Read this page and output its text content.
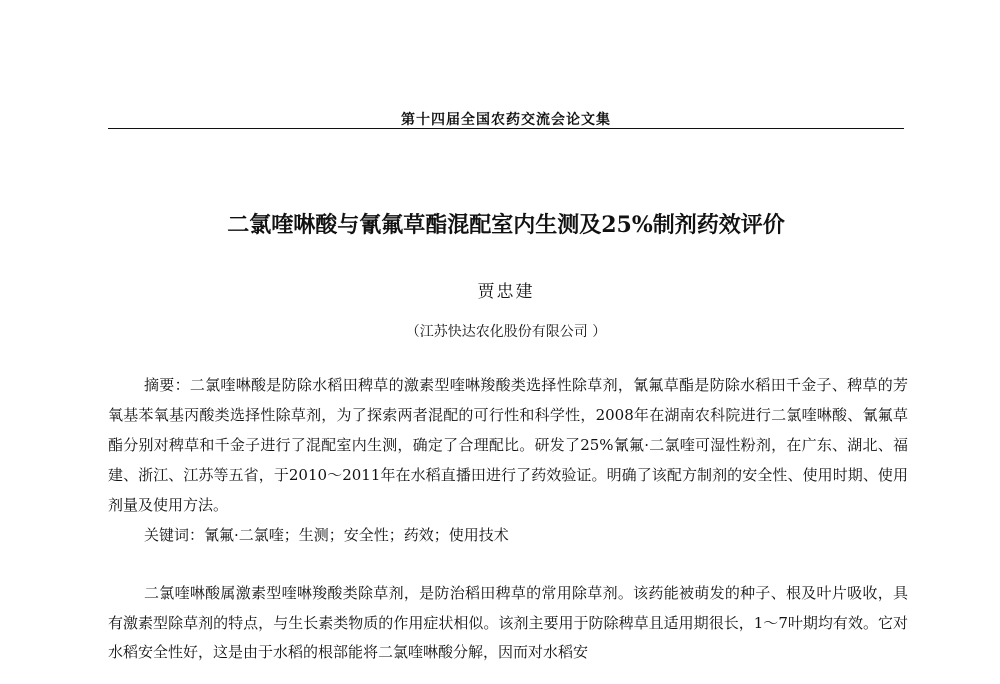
第十四届全国农药交流会论文集
二氯喹啉酸与氰氟草酯混配室内生测及25%制剂药效评价
贾忠建
（江苏快达农化股份有限公司 ）

摘要：二氯喹啉酸是防除水稻田稗草的激素型喹啉羧酸类选择性除草剂，氰氟草酯是防除水稻田千金子、稗草的芳氧基苯氧基丙酸类选择性除草剂，为了探索两者混配的可行性和科学性，2008年在湖南农科院进行二氯喹啉酸、氰氟草酯分别对稗草和千金子进行了混配室内生测，确定了合理配比。研发了25%氰氟·二氯喹可湿性粉剂，在广东、湖北、福建、浙江、江苏等五省，于2010～2011年在水稻直播田进行了药效验证。明确了该配方制剂的安全性、使用时期、使用剂量及使用方法。

关键词：氰氟·二氯喹；生测；安全性；药效；使用技术

二氯喹啉酸属激素型喹啉羧酸类除草剂，是防治稻田稗草的常用除草剂。该药能被萌发的种子、根及叶片吸收，具有激素型除草剂的特点，与生长素类物质的作用症状相似。该剂主要用于防除稗草且适用期很长，1～7叶期均有效。它对水稻安全性好，这是由于水稻的根部能将二氯喹啉酸分解，因而对水稻安
